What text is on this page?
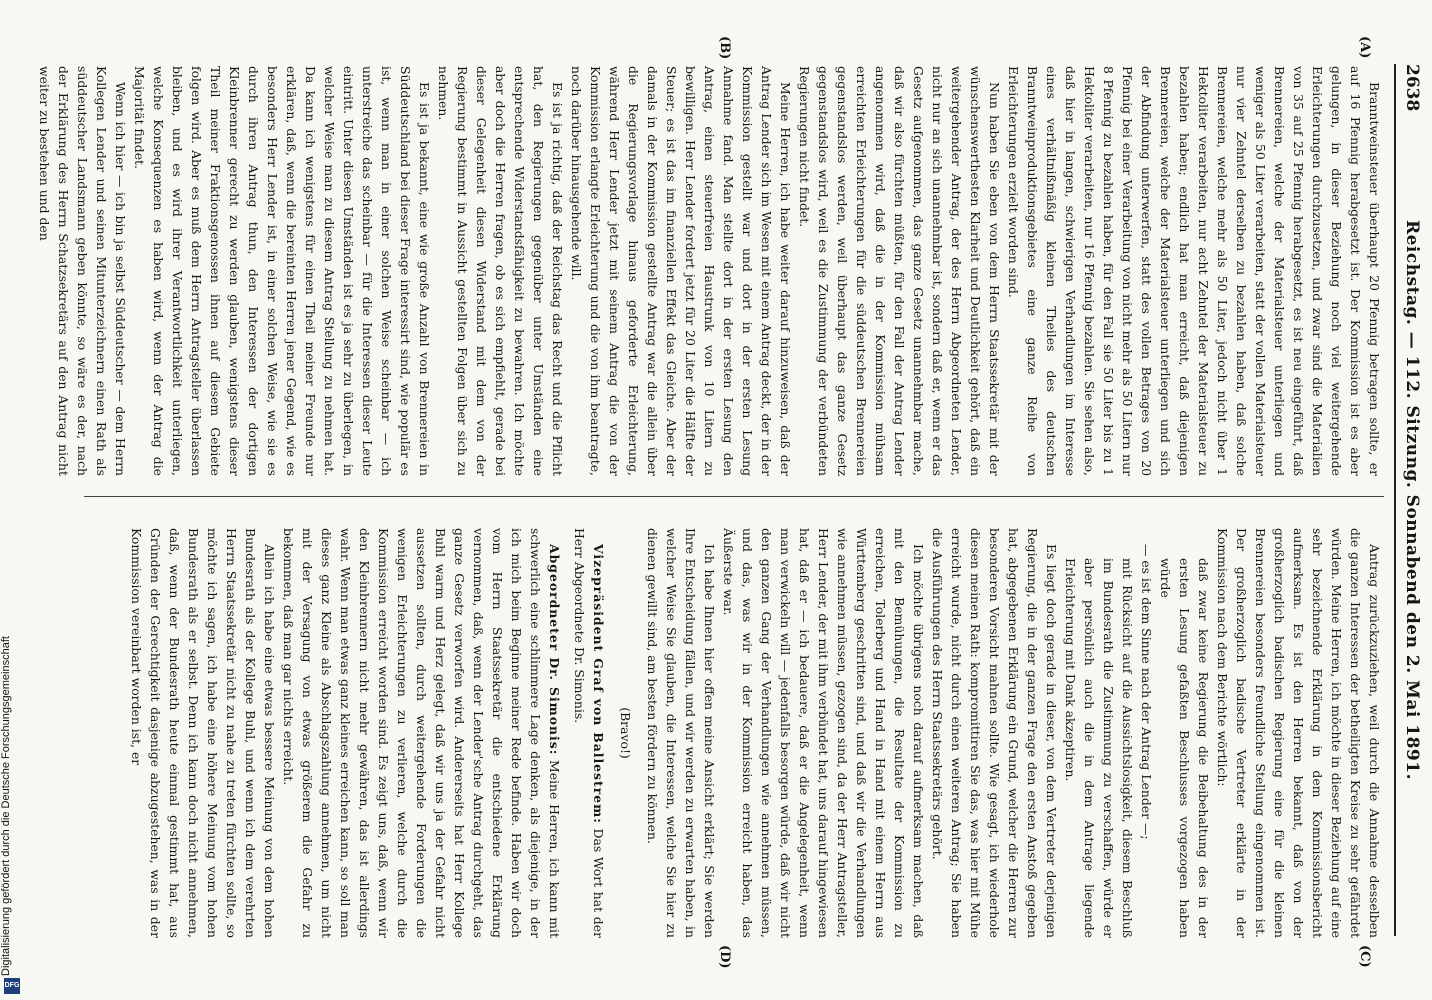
2638
Reichstag. — 112. Sitzung. Sonnabend den 2. Mai 1891.
(A)
(B)
(C)
(D)

Branntweinsteuer überhaupt 20 Pfennig betragen sollte, er auf 16 Pfennig herabgesetzt ist. Der Kommission ist es aber gelungen, in dieser Beziehung noch viel weitergehende Erleichterungen durchzusetzen, und zwar sind die Materialien von 35 auf 25 Pfennig herabgesetzt, es ist neu eingeführt, daß Brennereien, welche der Materialsteuer unterliegen und weniger als 50 Liter verarbeiten, statt der vollen Materialsteuer nur vier Zehntel derselben zu bezahlen haben, daß solche Brennereien, welche mehr als 50 Liter, jedoch nicht über 1 Hektoliter verarbeiten, nur acht Zehntel der Materialsteuer zu bezahlen haben; endlich hat man erreicht, daß diejenigen Brennereien, welche der Materialsteuer unterliegen und sich der Abfindung unterwerfen, statt des vollen Betrages von 20 Pfennig bei einer Verarbeitung von nicht mehr als 50 Litern nur 8 Pfennig zu bezahlen haben, für den Fall sie 50 Liter bis zu 1 Hektoliter verarbeiten, nur 16 Pfennig bezahlen. Sie sehen also, daß hier in langen, schwierigen Verhandlungen im Interesse eines verhältnißmäßig kleinen Theiles des deutschen Branntweinproduktionsgebietes eine ganze Reihe von Erleichterungen erzielt worden sind.

Nun haben Sie eben von dem Herrn Staatssekretär mit der wünschenswerthesten Klarheit und Deutlichkeit gehört, daß ein weitergehender Antrag, der des Herrn Abgeordneten Lender, nicht nur an sich unannehmbar ist, sondern daß er, wenn er das Gesetz aufgenommen, das ganze Gesetz unannehmbar mache, daß wir also fürchten müßten, für den Fall der Antrag Lender angenommen wird, daß die in der Kommission mühsam erreichten Erleichterungen für die süddeutschen Brennereien gegenstandslos werden, weil überhaupt das ganze Gesetz gegenstandslos wird, weil es die Zustimmung der verbündeten Regierungen nicht findet.

Meine Herren, ich habe weiter darauf hinzuweisen, daß der Antrag Lender sich im Wesen mit einem Antrag deckt, der in der Kommission gestellt war und dort in der ersten Lesung Annahme fand. Man stellte dort in der ersten Lesung den Antrag, einen steuerfreien Haustrunk von 10 Litern zu bewilligen. Herr Lender fordert jetzt für 20 Liter die Hälfte der Steuer; es ist das im finanziellen Effekt das Gleiche. Aber der damals in der Kommission gestellte Antrag war die allein über die Regierungsvorlage hinaus geforderte Erleichterung, während Herr Lender jetzt mit seinem Antrag die von der Kommission erlangte Erleichterung und die von ihm beantragte, noch darüber hinausgehende will.

Es ist ja richtig, daß der Reichstag das Recht und die Pflicht hat, den Regierungen gegenüber unter Umständen eine entsprechende Widerstandsfähigkeit zu bewahren. Ich möchte aber doch die Herren fragen, ob es sich empfiehlt, gerade bei dieser Gelegenheit diesen Widerstand mit dem von der Regierung bestimmt in Aussicht gestellten Folgen über sich zu nehmen.

Es ist ja bekannt, eine wie große Anzahl von Brennereien in Süddeutschland bei dieser Frage interessirt sind, wie populär es ist, wenn man in einer solchen Weise scheinbar — ich unterstreiche das scheinbar — für die Interessen dieser Leute eintritt. Unter diesen Umständen ist es ja sehr zu überlegen, in welcher Weise man zu diesem Antrag Stellung zu nehmen hat. Da kann ich wenigstens für einen Theil meiner Freunde nur erklären, daß, wenn die bereinten Herren jener Gegend, wie es besonders Herr Lender ist, in einer solchen Weise, wie sie es durch ihren Antrag thun, den Interessen der dortigen Kleinbrenner gerecht zu werden glauben, wenigstens dieser Theil meiner Fraktionsgenossen ihnen auf diesem Gebiete folgen wird. Aber es muß dem Herrn Antragsteller überlassen bleiben, und es wird ihrer Verantwortlichkeit unterliegen, welche Konsequenzen es haben wird, wenn der Antrag die Majorität findet.

Wenn ich hier — ich bin ja selbst Süddeutscher — dem Herrn Kollegen Lender und seinen Mitunterzeichnern einen Rath als süddeutscher Landsmann geben könnte, so wäre es der, nach der Erklärung des Herrn Schatzsekretärs auf den Antrag nicht weiter zu bestehen und den

Antrag zurückzuziehen, weil durch die Annahme desselben die ganzen Interessen der betheiligten Kreise zu sehr gefährdet würden. Meine Herren, ich möchte in dieser Beziehung auf eine sehr bezeichnende Erklärung in dem Kommissionsbericht aufmerksam. Es ist den Herren bekannt, daß von der großherzoglich badischen Regierung eine für die kleinen Brennereien besonders freundliche Stellung eingenommen ist. Der großherzoglich badische Vertreter erklärte in der Kommission nach dem Berichte wörtlich:

daß zwar keine Regierung die Beibehaltung des in der ersten Lesung gefaßten Beschlusses vorgezogen haben würde

— es ist dem Sinne nach der Antrag Lender —;

mit Rücksicht auf die Aussichtslosigkeit, diesem Beschluß im Bundesrath die Zustimmung zu verschaffen, würde er aber persönlich auch die in dem Antrage liegende Erleichterung mit Dank akzeptiren.

Es liegt doch gerade in dieser, von dem Vertreter derjenigen Regierung, die in der ganzen Frage den ersten Anstoß gegeben hat, abgegebenen Erklärung ein Grund, welcher die Herren zur besonderen Vorsicht mahnen sollte. Wie gesagt, ich wiederhole diesen meinen Rath: kompromittiren Sie das, was hier mit Mühe erreicht wurde, nicht durch einen weiteren Antrag; Sie haben die Ausführungen des Herrn Staatssekretärs gehört.

Ich möchte übrigens noch darauf aufmerksam machen, daß mit den Bemühungen, die Resultate der Kommission zu erreichen, Tolerberg und Hand in Hand mit einem Herrn aus Württemberg geschritten sind, und daß wir die Verhandlungen wie annehmen müssen, gezogen sind, da der Herr Antragsteller, Herr Lender, der mit ihm verbündet hat, uns darauf hingewiesen hat, daß er — ich bedauere, daß er die Angelegenheit, wenn man verwickeln will — jedenfalls besorgen würde, daß wir nicht den ganzen Gang der Verhandlungen wie annehmen müssen, und das, was wir in der Kommission erreicht haben, das Äußerste war.

Ich habe Ihnen hier offen meine Ansicht erklärt; Sie werden Ihre Entscheidung fällen, und wir werden zu erwarten haben, in welcher Weise Sie glauben, die Interessen, welche Sie hier zu dienen gewillt sind, am besten fördern zu können.

(Bravo!)

Vizepräsident Graf von Ballestrem: Das Wort hat der Herr Abgeordnete Dr. Simonis.

Abgeordneter Dr. Simonis: Meine Herren, ich kann mit schwerlich eine schlimmere Lage denken, als diejenige, in der ich mich beim Beginne meiner Rede befinde. Haben wir doch vom Herrn Staatssekretär die entschiedene Erklärung vernommen, daß, wenn der Lender'sche Antrag durchgeht, das ganze Gesetz verworfen wird. Andererseits hat Herr Kollege Buhl warm und Herz gelegt, daß wir uns ja der Gefahr nicht aussetzen sollten, durch weitergehende Forderungen die wenigen Erleichterungen zu verlieren, welche durch die Kommission erreicht worden sind. Es zeigt uns, daß, wenn wir den Kleinbrennern nicht mehr gewähren, das ist allerdings wahr. Wenn man etwas ganz kleines erreichen kann, so soll man dieses ganz Kleine als Abschlagszahlung annehmen, um nicht mit der Versagung von etwas größerem die Gefahr zu bekommen, daß man gar nichts erreicht.

Allein ich habe eine etwas bessere Meinung von dem hohen Bundesrath als der Kollege Buhl, und wenn ich dem verehrten Herrn Staatssekretär nicht zu nahe zu treten fürchten sollte, so möchte ich sagen, ich habe eine höhere Meinung vom hohen Bundesrath als er selbst. Denn ich kann doch nicht annehmen, daß, wenn der Bundesrath heute einmal gestimmt hat, aus Gründen der Gerechtigkeit dasjenige abzugestehen, was in der Kommission vereinbart worden ist, er

Digitalisierung gefördert durch die Deutsche Forschungsgemeinschaft
DFG
